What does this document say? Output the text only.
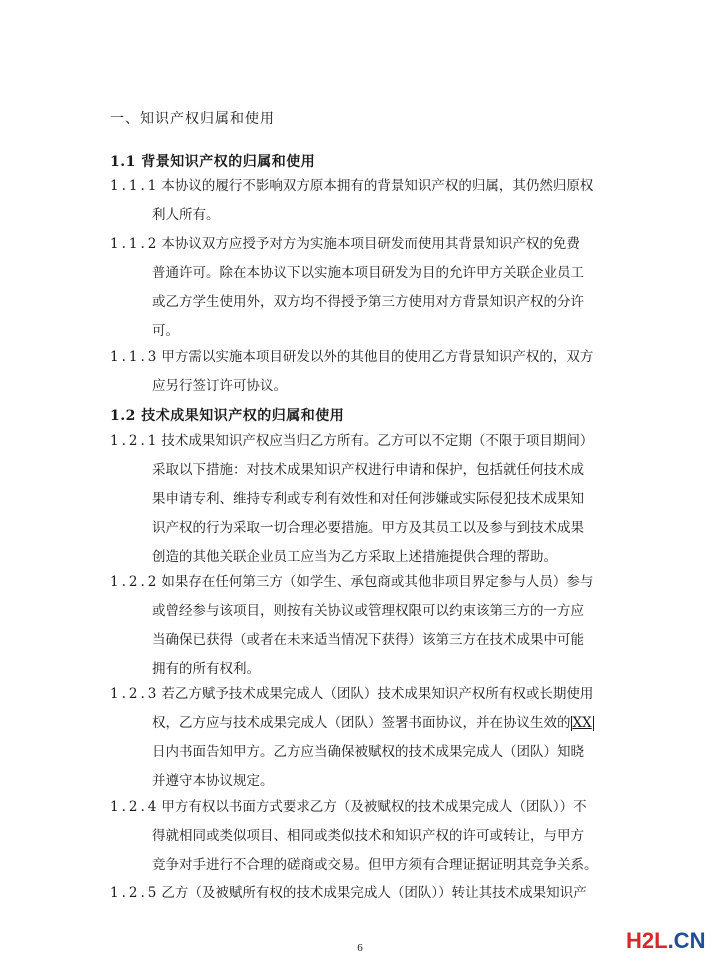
一、知识产权归属和使用
1.1 背景知识产权的归属和使用
1.1.1 本协议的履行不影响双方原本拥有的背景知识产权的归属，其仍然归原权
利人所有。
1.1.2 本协议双方应授予对方为实施本项目研发而使用其背景知识产权的免费
普通许可。除在本协议下以实施本项目研发为目的允许甲方关联企业员工
或乙方学生使用外，双方均不得授予第三方使用对方背景知识产权的分许
可。
1.1.3 甲方需以实施本项目研发以外的其他目的使用乙方背景知识产权的，双方
应另行签订许可协议。
1.2 技术成果知识产权的归属和使用
1.2.1 技术成果知识产权应当归乙方所有。乙方可以不定期（不限于项目期间）
采取以下措施：对技术成果知识产权进行申请和保护，包括就任何技术成
果申请专利、维持专利或专利有效性和对任何涉嫌或实际侵犯技术成果知
识产权的行为采取一切合理必要措施。甲方及其员工以及参与到技术成果
创造的其他关联企业员工应当为乙方采取上述措施提供合理的帮助。
1.2.2 如果存在任何第三方（如学生、承包商或其他非项目界定参与人员）参与
或曾经参与该项目，则按有关协议或管理权限可以约束该第三方的一方应
当确保已获得（或者在未来适当情况下获得）该第三方在技术成果中可能
拥有的所有权利。
1.2.3 若乙方赋予技术成果完成人（团队）技术成果知识产权所有权或长期使用
权，乙方应与技术成果完成人（团队）签署书面协议，并在协议生效的 XX
日内书面告知甲方。乙方应当确保被赋权的技术成果完成人（团队）知晓
并遵守本协议规定。
1.2.4 甲方有权以书面方式要求乙方（及被赋权的技术成果完成人（团队））不
得就相同或类似项目、相同或类似技术和知识产权的许可或转让，与甲方
竞争对手进行不合理的磋商或交易。但甲方须有合理证据证明其竞争关系。
1.2.5 乙方（及被赋所有权的技术成果完成人（团队））转让其技术成果知识产
6	H2L.CN
